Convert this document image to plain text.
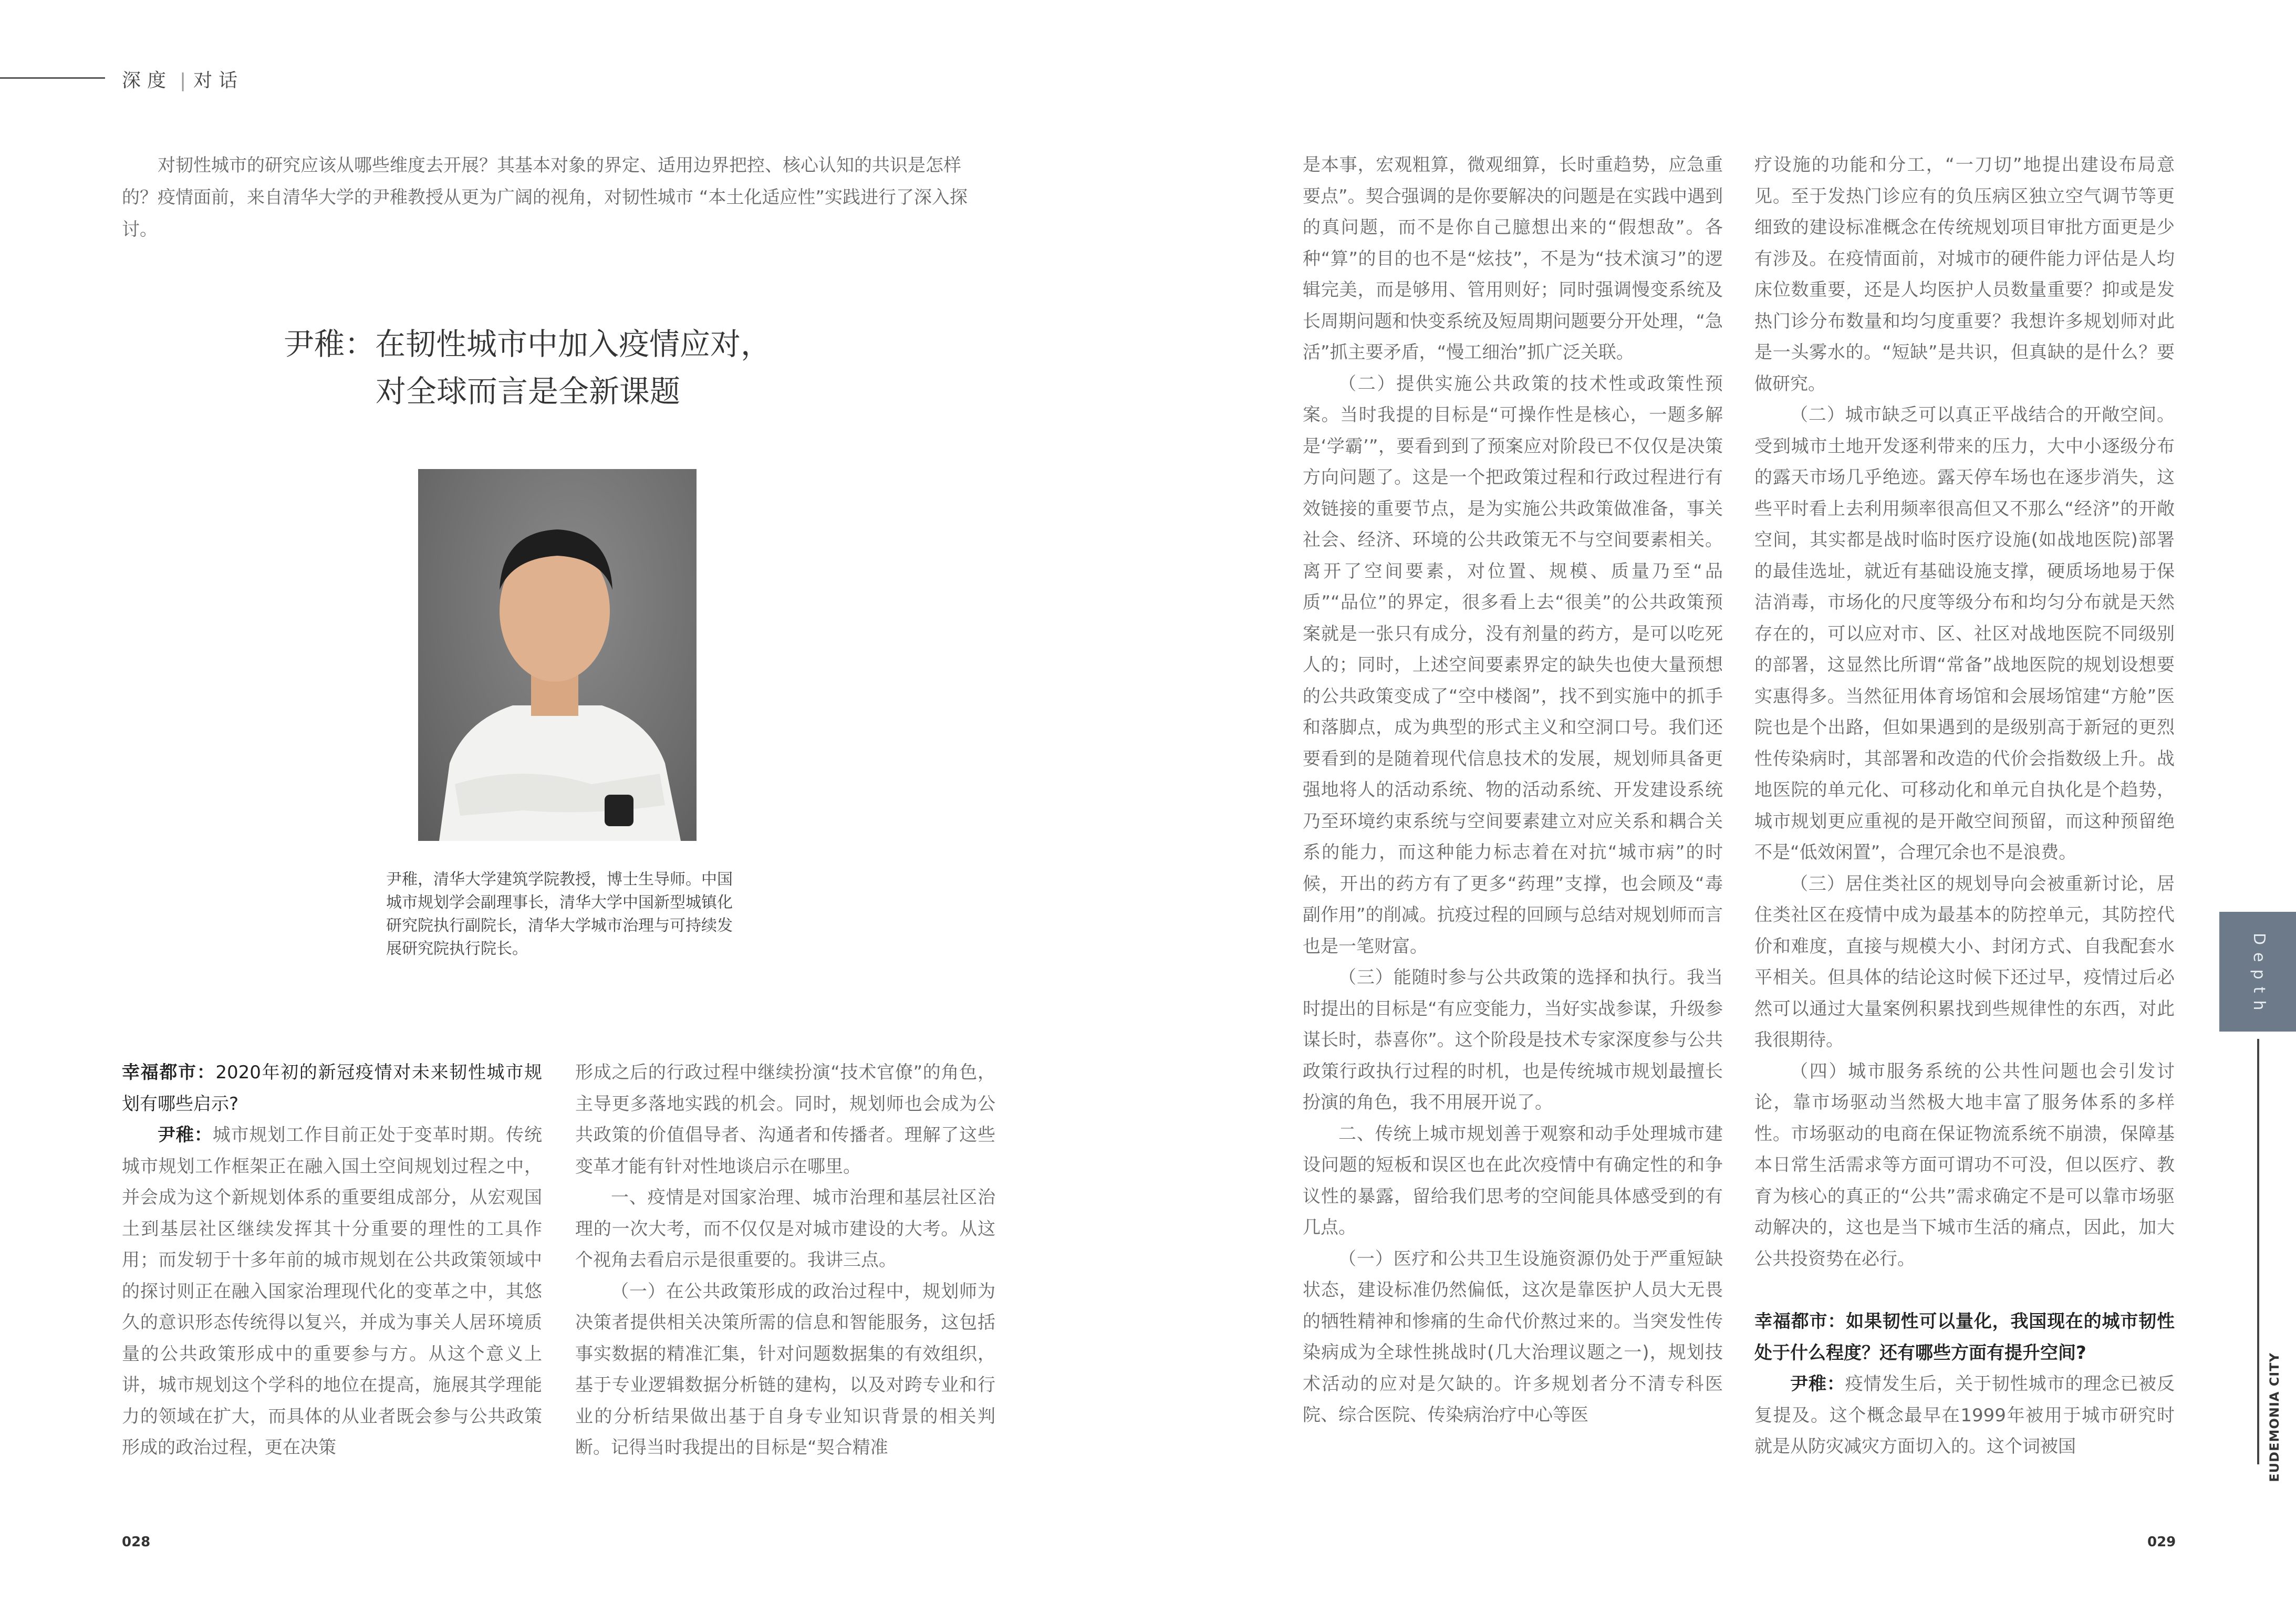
深度 | 对话
对韧性城市的研究应该从哪些维度去开展？其基本对象的界定、适用边界把控、核心认知的共识是怎样的？疫情面前，来自清华大学的尹稚教授从更为广阔的视角，对韧性城市 “本土化适应性”实践进行了深入探讨。
尹稚：在韧性城市中加入疫情应对，
对全球而言是全新课题
尹稚，清华大学建筑学院教授，博士生导师。中国城市规划学会副理事长，清华大学中国新型城镇化研究院执行副院长，清华大学城市治理与可持续发展研究院执行院长。

幸福都市：2020年初的新冠疫情对未来韧性城市规划有哪些启示?

尹稚：城市规划工作目前正处于变革时期。传统城市规划工作框架正在融入国土空间规划过程之中，并会成为这个新规划体系的重要组成部分，从宏观国土到基层社区继续发挥其十分重要的理性的工具作用；而发轫于十多年前的城市规划在公共政策领域中的探讨则正在融入国家治理现代化的变革之中，其悠久的意识形态传统得以复兴，并成为事关人居环境质量的公共政策形成中的重要参与方。从这个意义上讲，城市规划这个学科的地位在提高，施展其学理能力的领域在扩大，而具体的从业者既会参与公共政策形成的政治过程，更在决策

形成之后的行政过程中继续扮演“技术官僚”的角色，主导更多落地实践的机会。同时，规划师也会成为公共政策的价值倡导者、沟通者和传播者。理解了这些变革才能有针对性地谈启示在哪里。

一、疫情是对国家治理、城市治理和基层社区治理的一次大考，而不仅仅是对城市建设的大考。从这个视角去看启示是很重要的。我讲三点。

（一）在公共政策形成的政治过程中，规划师为决策者提供相关决策所需的信息和智能服务，这包括事实数据的精准汇集，针对问题数据集的有效组织，基于专业逻辑数据分析链的建构，以及对跨专业和行业的分析结果做出基于自身专业知识背景的相关判断。记得当时我提出的目标是“契合精准

是本事，宏观粗算，微观细算，长时重趋势，应急重要点”。契合强调的是你要解决的问题是在实践中遇到的真问题，而不是你自己臆想出来的“假想敌”。各种“算”的目的也不是“炫技”，不是为“技术演习”的逻辑完美，而是够用、管用则好；同时强调慢变系统及长周期问题和快变系统及短周期问题要分开处理，“急活”抓主要矛盾，“慢工细治”抓广泛关联。

（二）提供实施公共政策的技术性或政策性预案。当时我提的目标是“可操作性是核心，一题多解是‘学霸’”，要看到到了预案应对阶段已不仅仅是决策方向问题了。这是一个把政策过程和行政过程进行有效链接的重要节点，是为实施公共政策做准备，事关社会、经济、环境的公共政策无不与空间要素相关。离开了空间要素，对位置、规模、质量乃至“品质”“品位”的界定，很多看上去“很美”的公共政策预案就是一张只有成分，没有剂量的药方，是可以吃死人的；同时，上述空间要素界定的缺失也使大量预想的公共政策变成了“空中楼阁”，找不到实施中的抓手和落脚点，成为典型的形式主义和空洞口号。我们还要看到的是随着现代信息技术的发展，规划师具备更强地将人的活动系统、物的活动系统、开发建设系统乃至环境约束系统与空间要素建立对应关系和耦合关系的能力，而这种能力标志着在对抗“城市病”的时候，开出的药方有了更多“药理”支撑，也会顾及“毒副作用”的削减。抗疫过程的回顾与总结对规划师而言也是一笔财富。

（三）能随时参与公共政策的选择和执行。我当时提出的目标是“有应变能力，当好实战参谋，升级参谋长时，恭喜你”。这个阶段是技术专家深度参与公共政策行政执行过程的时机，也是传统城市规划最擅长扮演的角色，我不用展开说了。

二、传统上城市规划善于观察和动手处理城市建设问题的短板和误区也在此次疫情中有确定性的和争议性的暴露，留给我们思考的空间能具体感受到的有几点。

（一）医疗和公共卫生设施资源仍处于严重短缺状态，建设标准仍然偏低，这次是靠医护人员大无畏的牺牲精神和惨痛的生命代价熬过来的。当突发性传染病成为全球性挑战时(几大治理议题之一)，规划技术活动的应对是欠缺的。许多规划者分不清专科医院、综合医院、传染病治疗中心等医

疗设施的功能和分工，“一刀切”地提出建设布局意见。至于发热门诊应有的负压病区独立空气调节等更细致的建设标准概念在传统规划项目审批方面更是少有涉及。在疫情面前，对城市的硬件能力评估是人均床位数重要，还是人均医护人员数量重要？抑或是发热门诊分布数量和均匀度重要？我想许多规划师对此是一头雾水的。“短缺”是共识，但真缺的是什么？要做研究。

（二）城市缺乏可以真正平战结合的开敞空间。受到城市土地开发逐利带来的压力，大中小逐级分布的露天市场几乎绝迹。露天停车场也在逐步消失，这些平时看上去利用频率很高但又不那么“经济”的开敞空间，其实都是战时临时医疗设施(如战地医院)部署的最佳选址，就近有基础设施支撑，硬质场地易于保洁消毒，市场化的尺度等级分布和均匀分布就是天然存在的，可以应对市、区、社区对战地医院不同级别的部署，这显然比所谓“常备”战地医院的规划设想要实惠得多。当然征用体育场馆和会展场馆建“方舱”医院也是个出路，但如果遇到的是级别高于新冠的更烈性传染病时，其部署和改造的代价会指数级上升。战地医院的单元化、可移动化和单元自执化是个趋势，城市规划更应重视的是开敞空间预留，而这种预留绝不是“低效闲置”，合理冗余也不是浪费。

（三）居住类社区的规划导向会被重新讨论，居住类社区在疫情中成为最基本的防控单元，其防控代价和难度，直接与规模大小、封闭方式、自我配套水平相关。但具体的结论这时候下还过早，疫情过后必然可以通过大量案例积累找到些规律性的东西，对此我很期待。

（四）城市服务系统的公共性问题也会引发讨论，靠市场驱动当然极大地丰富了服务体系的多样性。市场驱动的电商在保证物流系统不崩溃，保障基本日常生活需求等方面可谓功不可没，但以医疗、教育为核心的真正的“公共”需求确定不是可以靠市场驱动解决的，这也是当下城市生活的痛点，因此，加大公共投资势在必行。

幸福都市：如果韧性可以量化，我国现在的城市韧性处于什么程度？还有哪些方面有提升空间?

尹稚：疫情发生后，关于韧性城市的理念已被反复提及。这个概念最早在1999年被用于城市研究时就是从防灾减灾方面切入的。这个词被国

028	029
Depth
EUDEMONIA CITY
